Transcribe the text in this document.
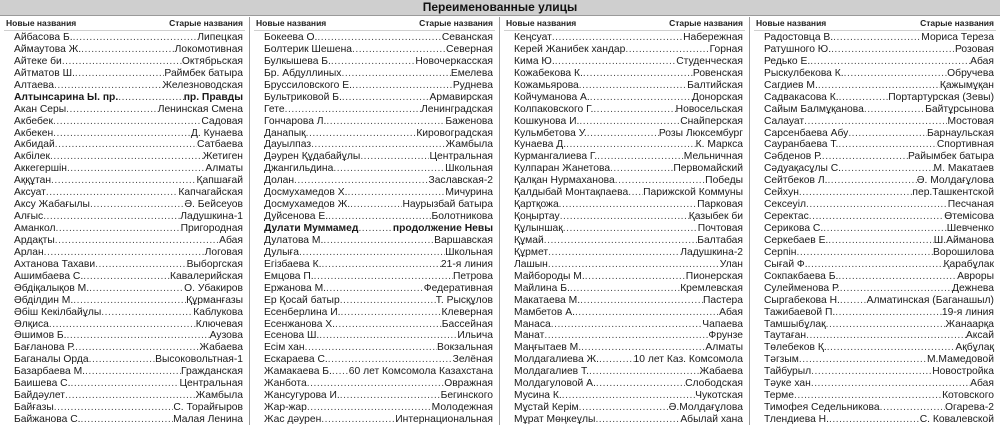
Переименованные улицы
Новые названия	Старые названия
Айбасова Б. .....	Липецкая
Аймаутова Ж. .....	Локомотивная
Айтеке би .....	Октябрьская
Айтматов Ш. .....	Раймбек батыра
Алтаева .....	Железноводская
Алтынсарина Ы. пр. .....	пр. Правды
Акан Серы .....	Ленинская Смена
Акбебек .....	Садовая
Акбекен .....	Д. Кунаева
Акбидай .....	Сатбаева
Акбілек .....	Жетиген
Аккегершін .....	Алматы
Аққұтан .....	Қапшағай
Аксуат .....	Капчагайская
Аксу Жабағылы .....	Ә. Бейсеуов
Алғыс .....	Ладушкина-1
Аманкол .....	Пригородная
Ардақты .....	Абая
Арлан .....	Логовая
Ахтанова Тахави .....	Выборгская
Ашимбаева С. .....	Кавалерийская
Әбдіқалықов М. .....	О. Ўбакиров
Әбділдин М. .....	Құрманғазы
Әбіш Кекілбайұлы .....	Каблукова
Әлқиса .....	Ключевая
Әшимов Б. .....	Аузова
Бағланова Р. .....	Жабаева
Баганалы Орда .....	Высоковольтная-1
Базарбаева М. .....	Гражданская
Баишева С. .....	Центральная
Байдәулет .....	Жамбыла
Байғазы .....	С. Торайғыров
Байжанова С. .....	Малая Ленина
Новые названия	Старые названия
Бокеева О. .....	Севанская
Болтерик Шешена .....	Северная
Булкышева Б. .....	Новочеркасская
Бр. Абдуллиных .....	Емелева
Бруссиловского Е. .....	Руднева
Бультриковой Б. .....	Армавирская
Гете .....	Ленинградская
Гончарова Л. .....	Баженова
Данапық .....	Кировоградская
Дауылпаз .....	Жамбыла
Дәурен Құдабайұлы .....	Центральная
Джангильдина .....	Школьная
Долан .....	Заславская-2
Досмухамедов Х. .....	Мичурина
Досмухамедов Ж. .....	Наурызбай батыра
Дуйсенова Е. .....	Болотникова
Дулати Муммамед .....	продолжение Невы
Дулатова М. .....	Варшавская
Дулыға .....	Школьная
Егізбаева К. .....	21-я линия
Емцова П. .....	Петрова
Ержанова М. .....	Федеративная
Ер Қосай батыр .....	Т. Рысқұлов
Есенберлина И. .....	Клеверная
Есенжанова Х. .....	Бассейная
Есенова Ш. .....	Ильича
Есім хан .....	Вокзальная
Ескараева С. .....	Зелёная
Жамакаева Б. ..... 60 лет Комсомола Казахстана
Жанбота .....	Овражная
Жансугурова И. .....	Бегинского
Жар-жар .....	Молодежная
Жас дәурен .....	Интернациональная
Новые названия	Старые названия
Кеңсуат .....	Набережная
Керей Жанибек хандар .....	Горная
Кима Ю. .....	Студенческая
Кожабекова К. .....	Ровенская
Кожамьярова .....	Балтийская
Койчуманова А. .....	Донорская
Колпаковского Г. .....	Новосельская
Кошкунова И. .....	Снайперская
Кульмбетова У. .....	Розы Люксембург
Кунаева Д. .....	К. Маркса
Курмангалиева Г. .....	Мельничная
Кулпаран Жанетова .....	Первомайский
Қалқан Нурмаханова .....	Победы
Қалдыбай Монтақпаева ..... Парижской Коммуны
Қартқожа .....	Парковая
Қоңыртау .....	Қазыбек би
Құлыншақ .....	Почтовая
Құмай .....	Балтабая
Құрмет .....	Ладушкина-2
Лашын .....	Улан
Майбороды М. .....	Пионерская
Майлина Б. .....	Кремлевская
Макатаева М. .....	Пастера
Мамбетов А. .....	Абая
Манаса .....	Чапаева
Манат .....	Фрунзе
Маңғытаев М. .....	Алматы
Молдагалиева Ж. .....	10 лет Каз. Комсомола
Молдагалиев Т. .....	Жабаева
Молдагуловой А. .....	Слободская
Мусина К. .....	Чукотская
Мұстай Керім .....	Ә.Молдағұлова
Мұрат Мөңкеұлы .....	Абылай хана
Новые названия	Старые названия
Радостовца В. .....	Мориса Тереза
Ратушного Ю. .....	Розовая
Редько Е. .....	Абая
Рыскулбекова К. .....	Обручева
Сагдиев М. .....	Қажымұқан
Садвакасова К. .....	Портартурская (Зевы)
Сайым Балмұқанова .....	Байтұрсынова
Салауат .....	Мостовая
Сарсенбаева Абу .....	Барнаульская
Сауранбаева Т. .....	Спортивная
Сәбденов Р. .....	Райымбек батыра
Сәдуақасұлы С. .....	М. Макатаев
Сейтбеков Л. .....	Ә. Молдағұлова
Сейхун .....	пер.Ташкентской
Сексеуіл .....	Песчаная
Серектас .....	Өтемісова
Серикова С. .....	Шевченко
Серкебаев Е. .....	Ш.Айманова
Серпін .....	Ворошилова
Сығай Ф. .....	Қарабұлак
Сокпакбаева Б. .....	Авроры
Сулейменова Р. .....	Дежнева
Сыргабекова Н. .....	Алматинская (Баганашыл)
Тажибаевой П. .....	19-я линия
Тамшыбұлақ .....	Жанаарқа
Таутаған .....	Аксай
Төлебеков Қ. .....	Ақбұлақ
Тәгзым .....	М.Мамедовой
Тайбурыл .....	Новостройка
Тәуке хан .....	Абая
Терме .....	Котовского
Тимофея Седельникова .....	Огарева-2
Тлендиева Н. .....	С. Ковалевской
